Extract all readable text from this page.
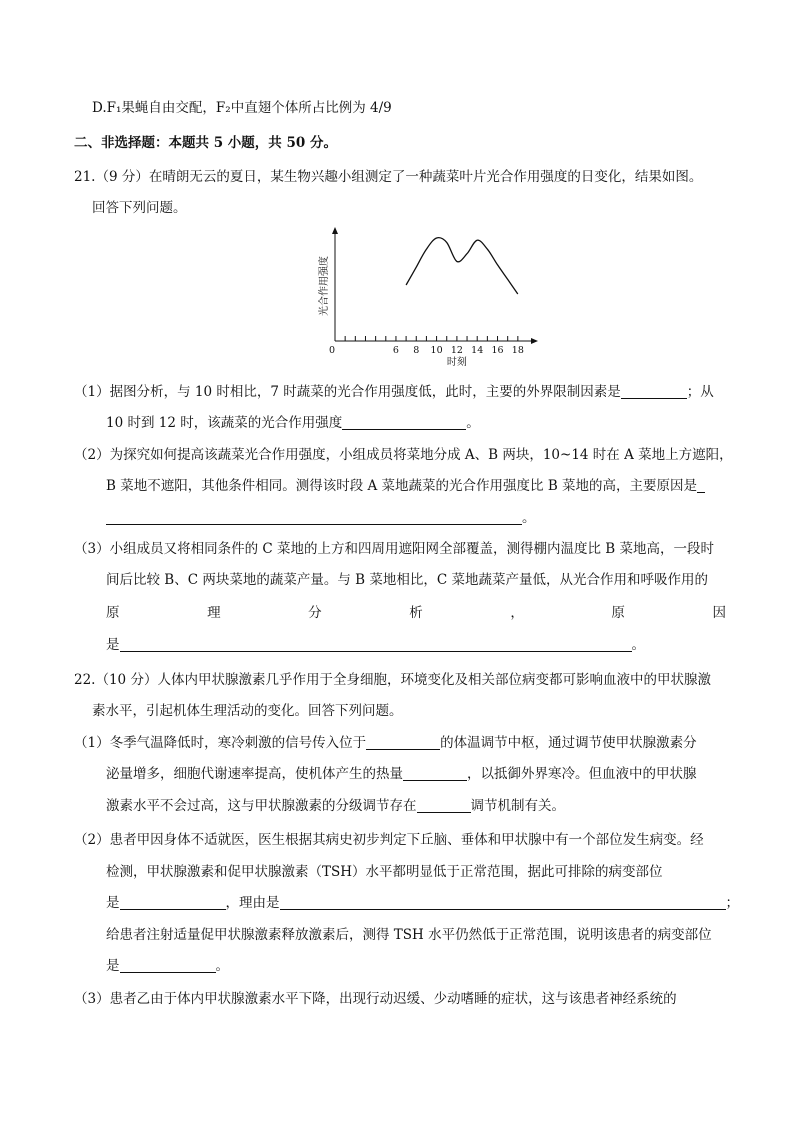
D.F₁果蝇自由交配，F₂中直翅个体所占比例为 4/9
二、非选择题：本题共 5 小题，共 50 分。
21.（9 分）在晴朗无云的夏日，某生物兴趣小组测定了一种蔬菜叶片光合作用强度的日变化，结果如图。
回答下列问题。
6 8 10 12 14 16 18
0
时刻
光合作用强度
（1）据图分析，与 10 时相比，7 时蔬菜的光合作用强度低，此时，主要的外界限制因素是	；从
10 时到 12 时，该蔬菜的光合作用强度	。
（2）为探究如何提高该蔬菜光合作用强度，小组成员将菜地分成 A、B 两块，10~14 时在 A 菜地上方遮阳，
B 菜地不遮阳，其他条件相同。测得该时段 A 菜地蔬菜的光合作用强度比 B 菜地的高，主要原因是
。
（3）小组成员又将相同条件的 C 菜地的上方和四周用遮阳网全部覆盖，测得棚内温度比 B 菜地高，一段时
间后比较 B、C 两块菜地的蔬菜产量。与 B 菜地相比，C 菜地蔬菜产量低，从光合作用和呼吸作用的
原	理	分	析	，	原	因
是	。
22.（10 分）人体内甲状腺激素几乎作用于全身细胞，环境变化及相关部位病变都可影响血液中的甲状腺激
素水平，引起机体生理活动的变化。回答下列问题。
（1）冬季气温降低时，寒冷刺激的信号传入位于	的体温调节中枢，通过调节使甲状腺激素分
泌量增多，细胞代谢速率提高，使机体产生的热量	，以抵御外界寒冷。但血液中的甲状腺
激素水平不会过高，这与甲状腺激素的分级调节存在	调节机制有关。
（2）患者甲因身体不适就医，医生根据其病史初步判定下丘脑、垂体和甲状腺中有一个部位发生病变。经
检测，甲状腺激素和促甲状腺激素（TSH）水平都明显低于正常范围，据此可排除的病变部位
是	，理由是	；
给患者注射适量促甲状腺激素释放激素后，测得 TSH 水平仍然低于正常范围，说明该患者的病变部位
是	。
（3）患者乙由于体内甲状腺激素水平下降，出现行动迟缓、少动嗜睡的症状，这与该患者神经系统的
